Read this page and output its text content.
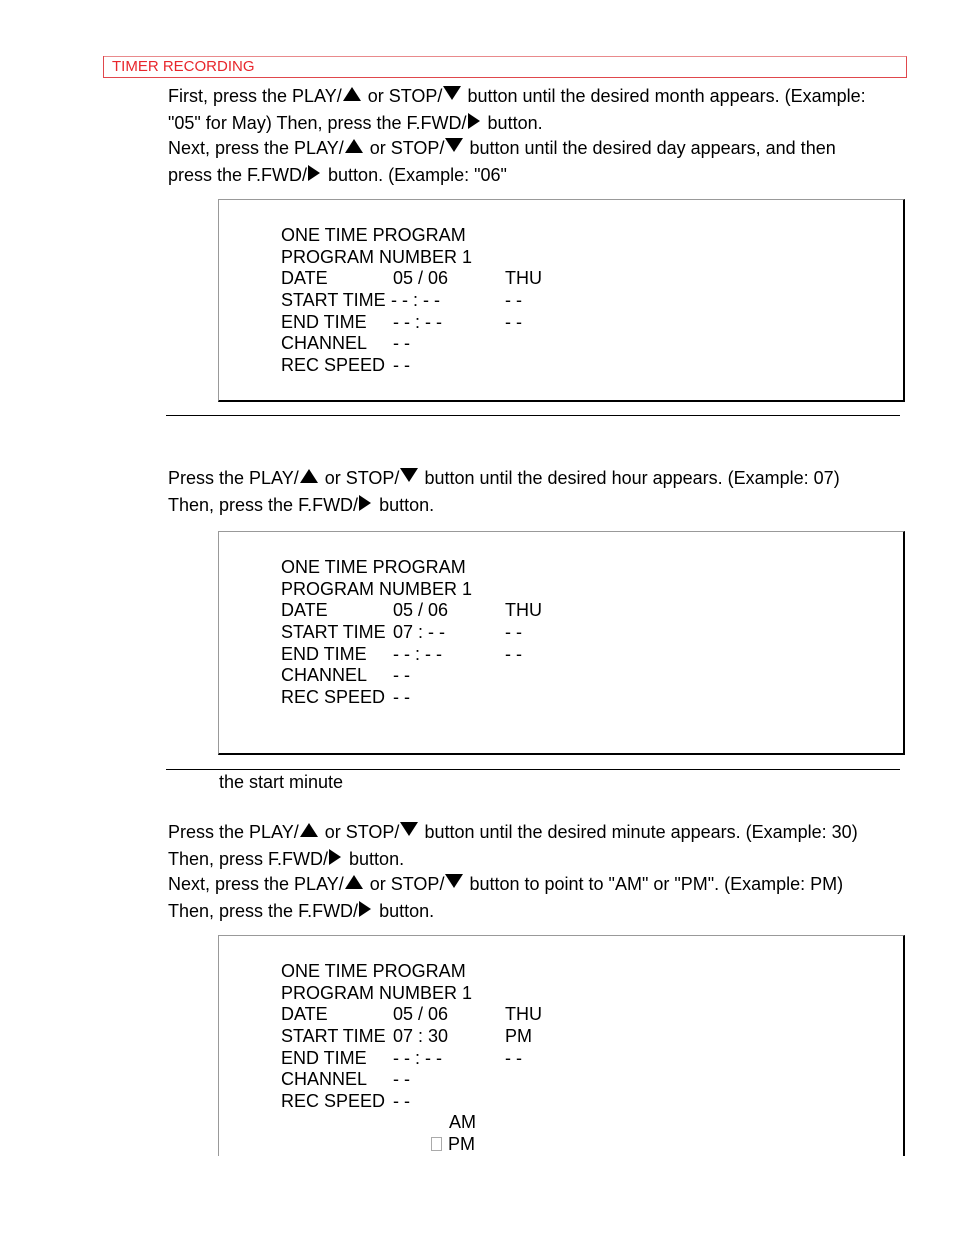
TIMER RECORDING

First, press the PLAY/ or STOP/ button until the desired month appears. (Example:

"05" for May) Then, press the F.FWD/ button.

Next, press the PLAY/ or STOP/ button until the desired day appears, and then

press the F.FWD/ button. (Example: "06"

ONE TIME PROGRAM
PROGRAM NUMBER 1
DATE	05 / 06	THU
START TIME - - : - -	- -
END TIME - - : - -	- -
CHANNEL - -
REC SPEED - -

Press the PLAY/ or STOP/ button until the desired hour appears. (Example: 07)

Then, press the F.FWD/ button.

ONE TIME PROGRAM
PROGRAM NUMBER 1
DATE	05 / 06	THU
START TIME 07 : - -	- -
END TIME - - : - -	- -
CHANNEL - -
REC SPEED - -
the start minute

Press the PLAY/ or STOP/ button until the desired minute appears. (Example: 30)

Then, press F.FWD/ button.

Next, press the PLAY/ or STOP/ button to point to "AM" or "PM". (Example: PM)

Then, press the F.FWD/ button.

ONE TIME PROGRAM
PROGRAM NUMBER 1
DATE	05 / 06	THU
START TIME 07 : 30	PM
END TIME - - : - -	- -
CHANNEL - -
REC SPEED - -
AM
PM
